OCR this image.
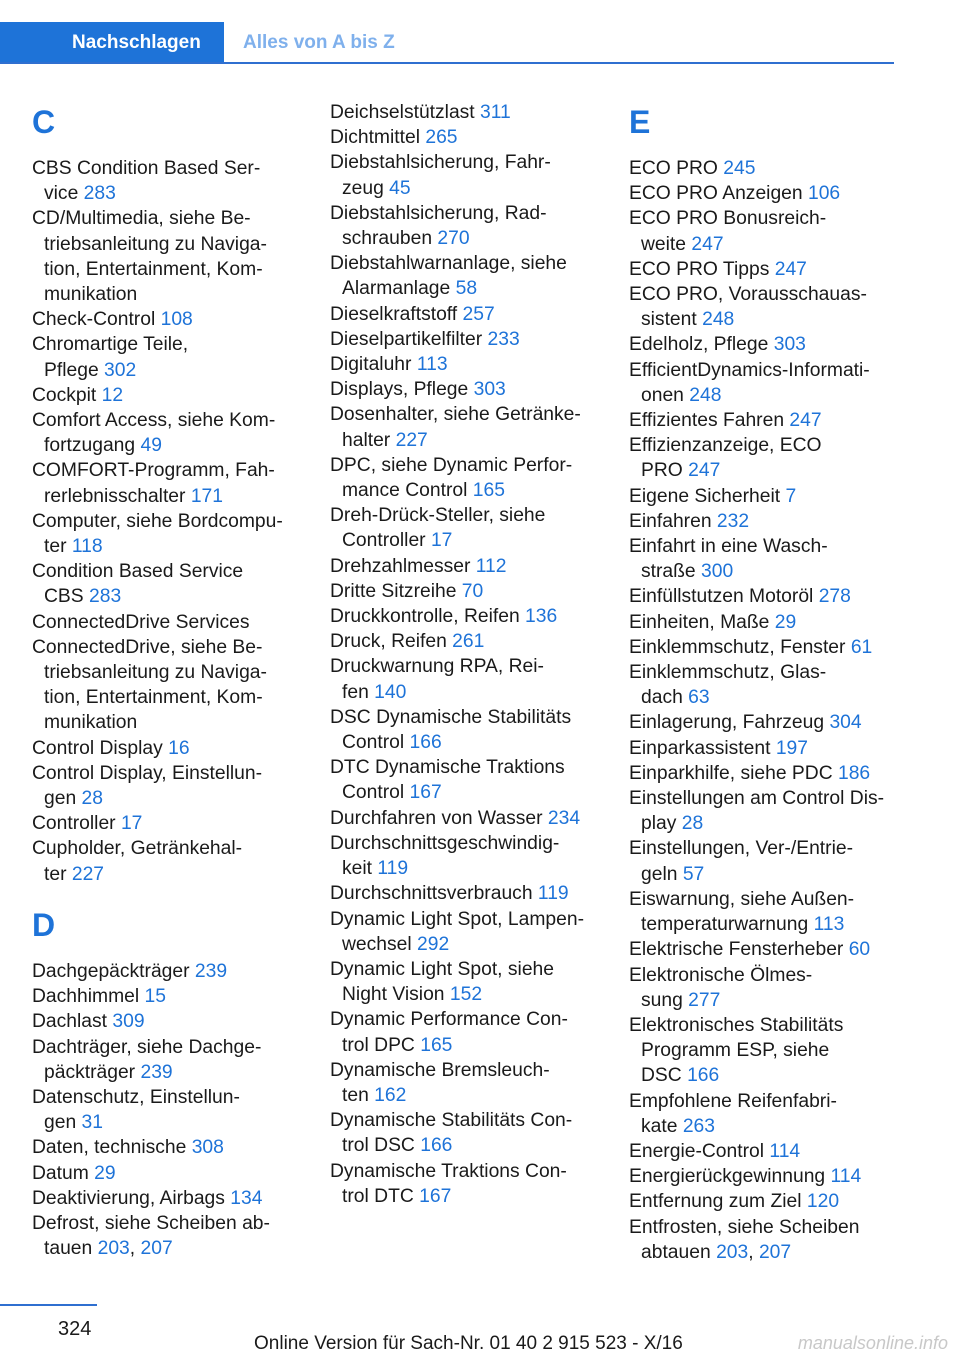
Nachschlagen	Alles von A bis Z
C
CBS Condition Based Ser-
vice 283
CD/Multimedia, siehe Be-
triebsanleitung zu Naviga-
tion, Entertainment, Kom-
munikation
Check-Control 108
Chromartige Teile,
Pflege 302
Cockpit 12
Comfort Access, siehe Kom-
fortzugang 49
COMFORT-Programm, Fah-
rerlebnisschalter 171
Computer, siehe Bordcompu-
ter 118
Condition Based Service
CBS 283
ConnectedDrive Services
ConnectedDrive, siehe Be-
triebsanleitung zu Naviga-
tion, Entertainment, Kom-
munikation
Control Display 16
Control Display, Einstellun-
gen 28
Controller 17
Cupholder, Getränkehal-
ter 227
D
Dachgepäckträger 239
Dachhimmel 15
Dachlast 309
Dachträger, siehe Dachge-
päckträger 239
Datenschutz, Einstellun-
gen 31
Daten, technische 308
Datum 29
Deaktivierung, Airbags 134
Defrost, siehe Scheiben ab-
tauen 203, 207
Deichselstützlast 311
Dichtmittel 265
Diebstahlsicherung, Fahr-
zeug 45
Diebstahlsicherung, Rad-
schrauben 270
Diebstahlwarnanlage, siehe
Alarmanlage 58
Dieselkraftstoff 257
Dieselpartikelfilter 233
Digitaluhr 113
Displays, Pflege 303
Dosenhalter, siehe Getränke-
halter 227
DPC, siehe Dynamic Perfor-
mance Control 165
Dreh-Drück-Steller, siehe
Controller 17
Drehzahlmesser 112
Dritte Sitzreihe 70
Druckkontrolle, Reifen 136
Druck, Reifen 261
Druckwarnung RPA, Rei-
fen 140
DSC Dynamische Stabilitäts
Control 166
DTC Dynamische Traktions
Control 167
Durchfahren von Wasser 234
Durchschnittsgeschwindig-
keit 119
Durchschnittsverbrauch 119
Dynamic Light Spot, Lampen-
wechsel 292
Dynamic Light Spot, siehe
Night Vision 152
Dynamic Performance Con-
trol DPC 165
Dynamische Bremsleuch-
ten 162
Dynamische Stabilitäts Con-
trol DSC 166
Dynamische Traktions Con-
trol DTC 167
E
ECO PRO 245
ECO PRO Anzeigen 106
ECO PRO Bonusreich-
weite 247
ECO PRO Tipps 247
ECO PRO, Vorausschauas-
sistent 248
Edelholz, Pflege 303
EfficientDynamics-Informati-
onen 248
Effizientes Fahren 247
Effizienzanzeige, ECO
PRO 247
Eigene Sicherheit 7
Einfahren 232
Einfahrt in eine Wasch-
straße 300
Einfüllstutzen Motoröl 278
Einheiten, Maße 29
Einklemmschutz, Fenster 61
Einklemmschutz, Glas-
dach 63
Einlagerung, Fahrzeug 304
Einparkassistent 197
Einparkhilfe, siehe PDC 186
Einstellungen am Control Dis-
play 28
Einstellungen, Ver-/Entrie-
geln 57
Eiswarnung, siehe Außen-
temperaturwarnung 113
Elektrische Fensterheber 60
Elektronische Ölmes-
sung 277
Elektronisches Stabilitäts
Programm ESP, siehe
DSC 166
Empfohlene Reifenfabri-
kate 263
Energie-Control 114
Energierückgewinnung 114
Entfernung zum Ziel 120
Entfrosten, siehe Scheiben
abtauen 203, 207
324
Online Version für Sach-Nr. 01 40 2 915 523 - X/16	manualsonline.info
